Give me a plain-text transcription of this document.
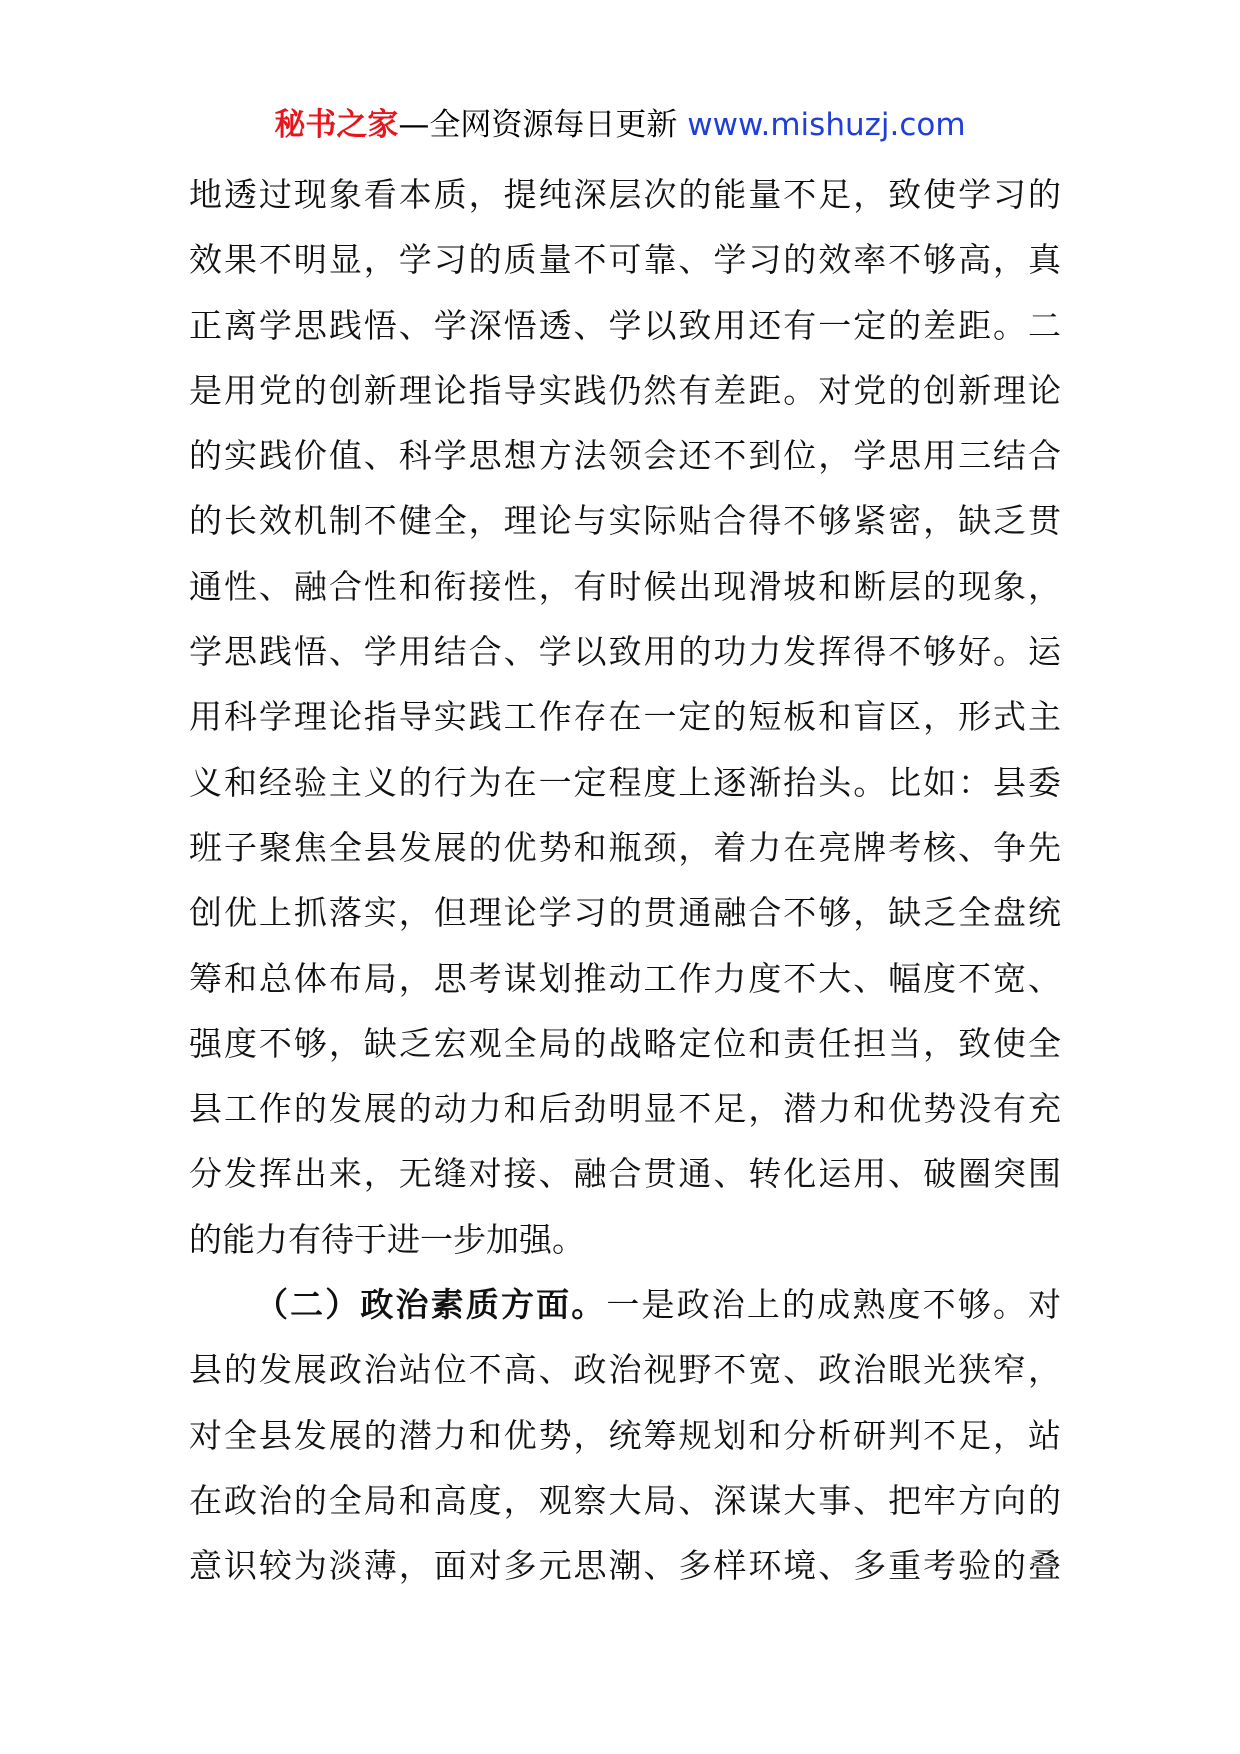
秘书之家—全网资源每日更新 www.mishuzj.com
地透过现象看本质，提纯深层次的能量不足，致使学习的
效果不明显，学习的质量不可靠、学习的效率不够高，真
正离学思践悟、学深悟透、学以致用还有一定的差距。二
是用党的创新理论指导实践仍然有差距。对党的创新理论
的实践价值、科学思想方法领会还不到位，学思用三结合
的长效机制不健全，理论与实际贴合得不够紧密，缺乏贯
通性、融合性和衔接性，有时候出现滑坡和断层的现象，
学思践悟、学用结合、学以致用的功力发挥得不够好。运
用科学理论指导实践工作存在一定的短板和盲区，形式主
义和经验主义的行为在一定程度上逐渐抬头。比如：县委
班子聚焦全县发展的优势和瓶颈，着力在亮牌考核、争先
创优上抓落实，但理论学习的贯通融合不够，缺乏全盘统
筹和总体布局，思考谋划推动工作力度不大、幅度不宽、
强度不够，缺乏宏观全局的战略定位和责任担当，致使全
县工作的发展的动力和后劲明显不足，潜力和优势没有充
分发挥出来，无缝对接、融合贯通、转化运用、破圈突围
的能力有待于进一步加强。
（二）政治素质方面。一是政治上的成熟度不够。对
县的发展政治站位不高、政治视野不宽、政治眼光狭窄，
对全县发展的潜力和优势，统筹规划和分析研判不足，站
在政治的全局和高度，观察大局、深谋大事、把牢方向的
意识较为淡薄，面对多元思潮、多样环境、多重考验的叠
